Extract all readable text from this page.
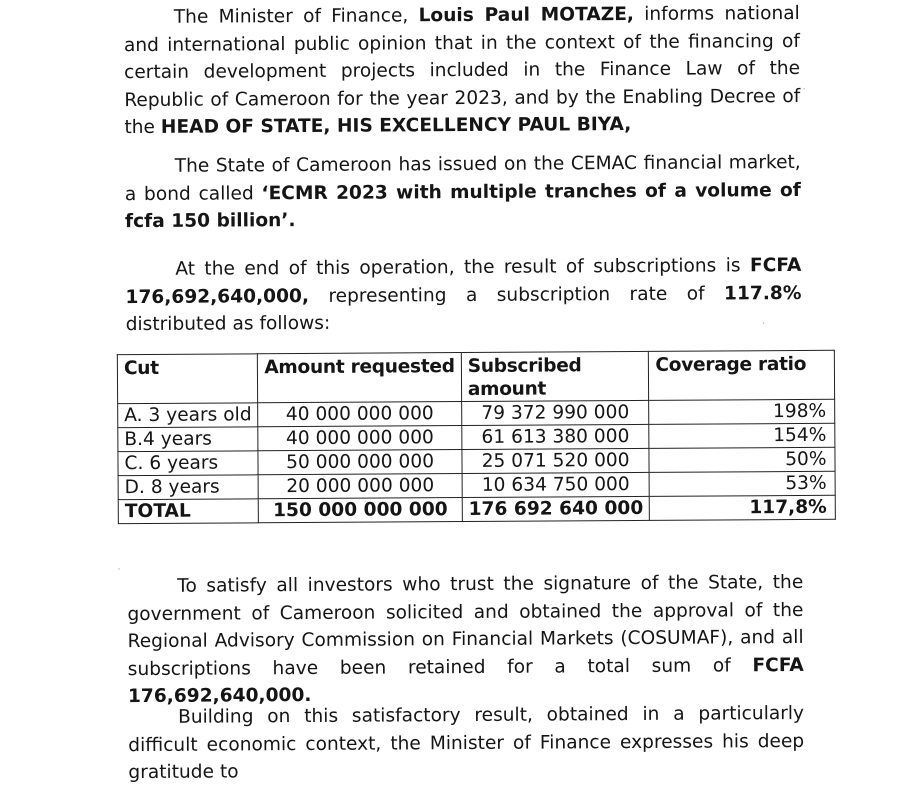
The Minister of Finance, Louis Paul MOTAZE, informs national and international public opinion that in the context of the financing of certain development projects included in the Finance Law of the Republic of Cameroon for the year 2023, and by the Enabling Decree of the HEAD OF STATE, HIS EXCELLENCY PAUL BIYA,

The State of Cameroon has issued on the CEMAC financial market, a bond called ‘ECMR 2023 with multiple tranches of a volume of fcfa 150 billion’.

At the end of this operation, the result of subscriptions is FCFA 176,692,640,000, representing a subscription rate of 117.8% distributed as follows:

Cut	Amount requested	Subscribed amount	Coverage ratio
A. 3 years old	40 000 000 000	79 372 990 000	198%
B.4 years	40 000 000 000	61 613 380 000	154%
C. 6 years	50 000 000 000	25 071 520 000	50%
D. 8 years	20 000 000 000	10 634 750 000	53%
TOTAL	150 000 000 000	176 692 640 000	117,8%

To satisfy all investors who trust the signature of the State, the government of Cameroon solicited and obtained the approval of the Regional Advisory Commission on Financial Markets (COSUMAF), and all subscriptions have been retained for a total sum of FCFA 176,692,640,000.

Building on this satisfactory result, obtained in a particularly difficult economic context, the Minister of Finance expresses his deep gratitude to

·
·
·
